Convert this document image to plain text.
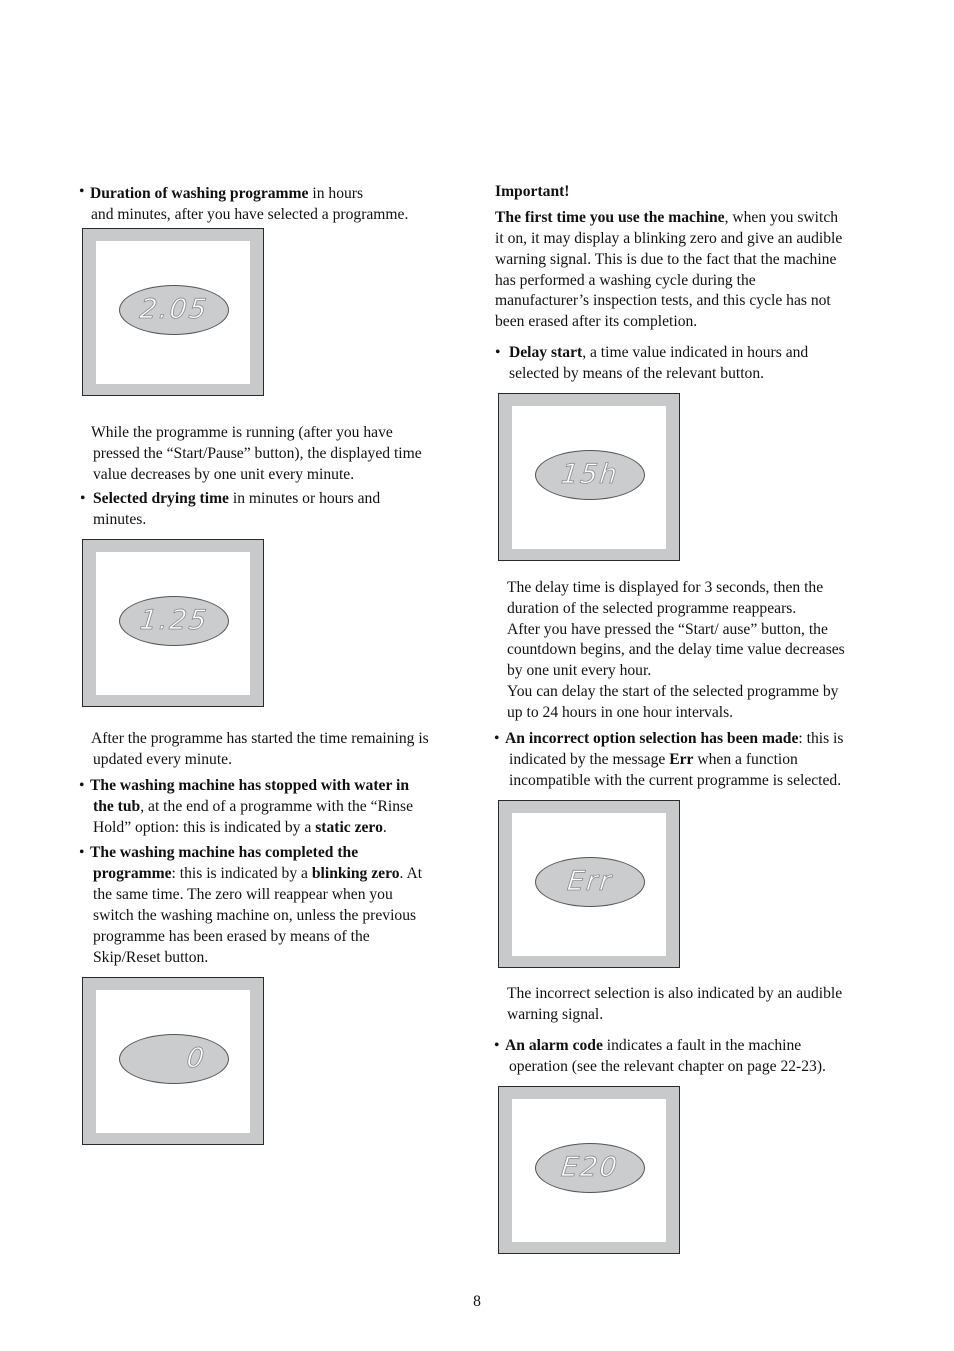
• Duration of washing programme in hours
and minutes, after you have selected a programme.
2.05
While the programme is running (after you have
pressed the “Start/Pause” button), the displayed time
value decreases by one unit every minute.
• Selected drying time in minutes or hours and
minutes.
1.25
After the programme has started the time remaining is
updated every minute.
• The washing machine has stopped with water in
the tub, at the end of a programme with the “Rinse
Hold” option: this is indicated by a static zero.
• The washing machine has completed the
programme: this is indicated by a blinking zero. At
the same time. The zero will reappear when you
switch the washing machine on, unless the previous
programme has been erased by means of the
Skip/Reset button.
0
Important!
The first time you use the machine, when you switch
it on, it may display a blinking zero and give an audible
warning signal. This is due to the fact that the machine
has performed a washing cycle during the
manufacturer’s inspection tests, and this cycle has not
been erased after its completion.
• Delay start, a time value indicated in hours and
selected by means of the relevant button.
15h
The delay time is displayed for 3 seconds, then the
duration of the selected programme reappears.
After you have pressed the “Start/ ause” button, the
countdown begins, and the delay time value decreases
by one unit every hour.
You can delay the start of the selected programme by
up to 24 hours in one hour intervals.
• An incorrect option selection has been made: this is
indicated by the message Err when a function
incompatible with the current programme is selected.
Err
The incorrect selection is also indicated by an audible
warning signal.
• An alarm code indicates a fault in the machine
operation (see the relevant chapter on page 22-23).
E20
8
